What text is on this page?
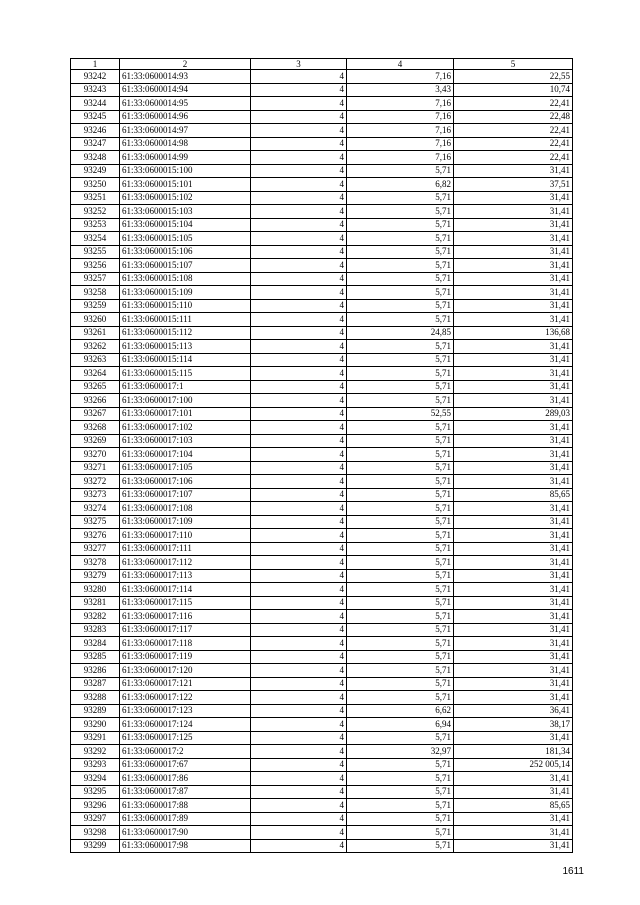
1	2	3	4	5
93242	61:33:0600014:93	4	7,16	22,55
93243	61:33:0600014:94	4	3,43	10,74
93244	61:33:0600014:95	4	7,16	22,41
93245	61:33:0600014:96	4	7,16	22,48
93246	61:33:0600014:97	4	7,16	22,41
93247	61:33:0600014:98	4	7,16	22,41
93248	61:33:0600014:99	4	7,16	22,41
93249	61:33:0600015:100	4	5,71	31,41
93250	61:33:0600015:101	4	6,82	37,51
93251	61:33:0600015:102	4	5,71	31,41
93252	61:33:0600015:103	4	5,71	31,41
93253	61:33:0600015:104	4	5,71	31,41
93254	61:33:0600015:105	4	5,71	31,41
93255	61:33:0600015:106	4	5,71	31,41
93256	61:33:0600015:107	4	5,71	31,41
93257	61:33:0600015:108	4	5,71	31,41
93258	61:33:0600015:109	4	5,71	31,41
93259	61:33:0600015:110	4	5,71	31,41
93260	61:33:0600015:111	4	5,71	31,41
93261	61:33:0600015:112	4	24,85	136,68
93262	61:33:0600015:113	4	5,71	31,41
93263	61:33:0600015:114	4	5,71	31,41
93264	61:33:0600015:115	4	5,71	31,41
93265	61:33:0600017:1	4	5,71	31,41
93266	61:33:0600017:100	4	5,71	31,41
93267	61:33:0600017:101	4	52,55	289,03
93268	61:33:0600017:102	4	5,71	31,41
93269	61:33:0600017:103	4	5,71	31,41
93270	61:33:0600017:104	4	5,71	31,41
93271	61:33:0600017:105	4	5,71	31,41
93272	61:33:0600017:106	4	5,71	31,41
93273	61:33:0600017:107	4	5,71	85,65
93274	61:33:0600017:108	4	5,71	31,41
93275	61:33:0600017:109	4	5,71	31,41
93276	61:33:0600017:110	4	5,71	31,41
93277	61:33:0600017:111	4	5,71	31,41
93278	61:33:0600017:112	4	5,71	31,41
93279	61:33:0600017:113	4	5,71	31,41
93280	61:33:0600017:114	4	5,71	31,41
93281	61:33:0600017:115	4	5,71	31,41
93282	61:33:0600017:116	4	5,71	31,41
93283	61:33:0600017:117	4	5,71	31,41
93284	61:33:0600017:118	4	5,71	31,41
93285	61:33:0600017:119	4	5,71	31,41
93286	61:33:0600017:120	4	5,71	31,41
93287	61:33:0600017:121	4	5,71	31,41
93288	61:33:0600017:122	4	5,71	31,41
93289	61:33:0600017:123	4	6,62	36,41
93290	61:33:0600017:124	4	6,94	38,17
93291	61:33:0600017:125	4	5,71	31,41
93292	61:33:0600017:2	4	32,97	181,34
93293	61:33:0600017:67	4	5,71	252 005,14
93294	61:33:0600017:86	4	5,71	31,41
93295	61:33:0600017:87	4	5,71	31,41
93296	61:33:0600017:88	4	5,71	85,65
93297	61:33:0600017:89	4	5,71	31,41
93298	61:33:0600017:90	4	5,71	31,41
93299	61:33:0600017:98	4	5,71	31,41
1611
